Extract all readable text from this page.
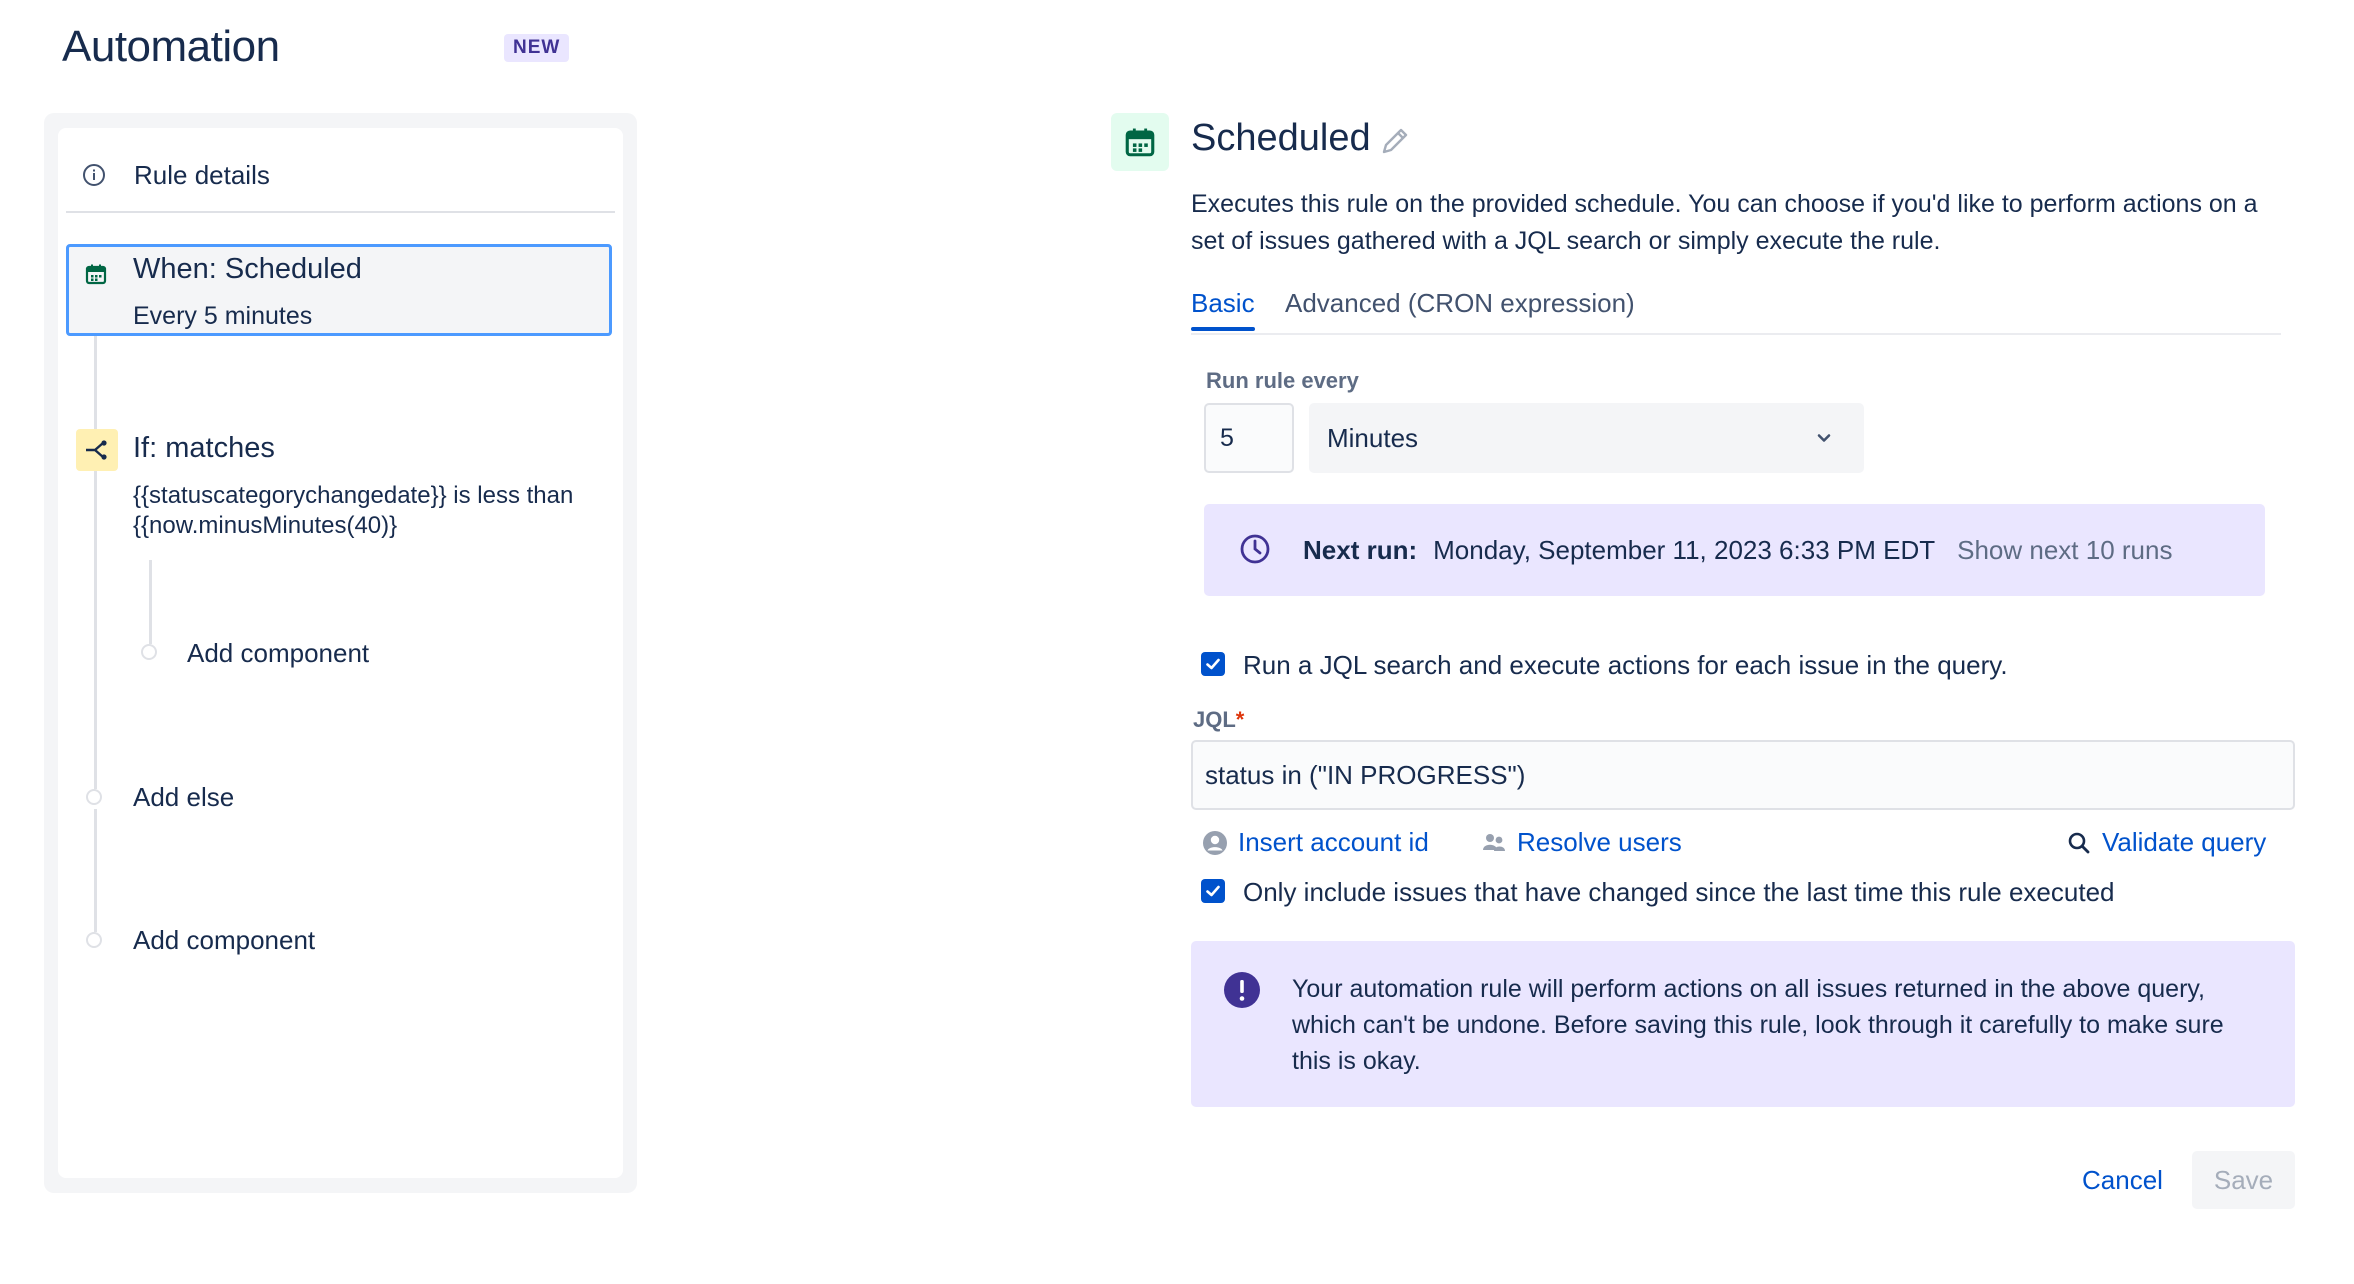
Automation	NEW
Rule details
When: Scheduled
Every 5 minutes
If: matches
{{statuscategorychangedate}} is less than {{now.minusMinutes(40)}
Add component
Add else
Add component
Scheduled
Executes this rule on the provided schedule. You can choose if you'd like to perform actions on a set of issues gathered with a JQL search or simply execute the rule.
Basic Advanced (CRON expression)
Run rule every
5	Minutes
Next run: Monday, September 11, 2023 6:33 PM EDT Show next 10 runs
Run a JQL search and execute actions for each issue in the query.
JQL*
status in ("IN PROGRESS")
Insert account id	Resolve users	Validate query
Only include issues that have changed since the last time this rule executed
Your automation rule will perform actions on all issues returned in the above query, which can't be undone. Before saving this rule, look through it carefully to make sure this is okay.
Cancel	Save
